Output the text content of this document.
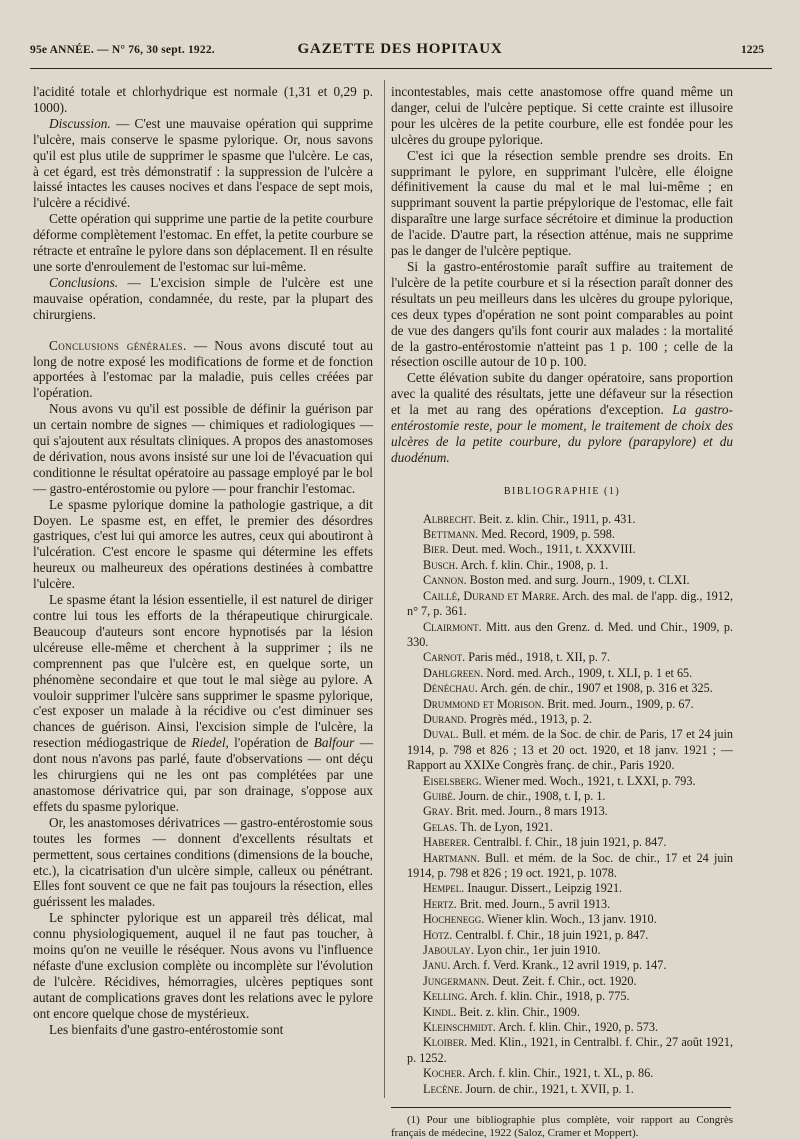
95e ANNÉE. — N° 76, 30 sept. 1922.	GAZETTE DES HOPITAUX	1225

l'acidité totale et chlorhydrique est normale (1,31 et 0,29 p. 1000).

Discussion. — C'est une mauvaise opération qui supprime l'ulcère, mais conserve le spasme pylorique. Or, nous savons qu'il est plus utile de supprimer le spasme que l'ulcère. Le cas, à cet égard, est très démonstratif : la suppression de l'ulcère a laissé intactes les causes nocives et dans l'espace de sept mois, l'ulcère a récidivé.

Cette opération qui supprime une partie de la petite courbure déforme complètement l'estomac. En effet, la petite courbure se rétracte et entraîne le pylore dans son déplacement. Il en résulte une sorte d'enroulement de l'estomac sur lui-même.

Conclusions. — L'excision simple de l'ulcère est une mauvaise opération, condamnée, du reste, par la plupart des chirurgiens.

Conclusions générales. — Nous avons discuté tout au long de notre exposé les modifications de forme et de fonction apportées à l'estomac par la maladie, puis celles créées par l'opération.

Nous avons vu qu'il est possible de définir la guérison par un certain nombre de signes — chimiques et radiologiques — qui s'ajoutent aux résultats cliniques. A propos des anastomoses de dérivation, nous avons insisté sur une loi de l'évacuation qui conditionne le résultat opératoire au passage employé par le bol — gastro-entérostomie ou pylore — pour franchir l'estomac.

Le spasme pylorique domine la pathologie gastrique, a dit Doyen. Le spasme est, en effet, le premier des désordres gastriques, c'est lui qui amorce les autres, ceux qui aboutiront à l'ulcération. C'est encore le spasme qui détermine les effets heureux ou malheureux des opérations destinées à combattre l'ulcère.

Le spasme étant la lésion essentielle, il est naturel de diriger contre lui tous les efforts de la thérapeutique chirurgicale. Beaucoup d'auteurs sont encore hypnotisés par la lésion ulcéreuse elle-même et cherchent à la supprimer ; ils ne comprennent pas que l'ulcère est, en quelque sorte, un phénomène secondaire et que tout le mal siège au pylore. A vouloir supprimer l'ulcère sans supprimer le spasme pylorique, c'est exposer un malade à la récidive ou c'est diminuer ses chances de guérison. Ainsi, l'excision simple de l'ulcère, la resection médiogastrique de Riedel, l'opération de Balfour — dont nous n'avons pas parlé, faute d'observations — ont déçu les chirurgiens qui ne les ont pas complétées par une anastomose dérivatrice qui, par son drainage, s'oppose aux effets du spasme pylorique.

Or, les anastomoses dérivatrices — gastro-entérostomie sous toutes les formes — donnent d'excellents résultats et permettent, sous certaines conditions (dimensions de la bouche, etc.), la cicatrisation d'un ulcère simple, calleux ou pénétrant. Elles font souvent ce que ne fait pas toujours la résection, elles guérissent les malades.

Le sphincter pylorique est un appareil très délicat, mal connu physiologiquement, auquel il ne faut pas toucher, à moins qu'on ne veuille le réséquer. Nous avons vu l'influence néfaste d'une exclusion complète ou incomplète sur l'évolution de l'ulcère. Récidives, hémorragies, ulcères peptiques sont autant de complications graves dont les relations avec le pylore ont encore quelque chose de mystérieux.

Les bienfaits d'une gastro-entérostomie sont

incontestables, mais cette anastomose offre quand même un danger, celui de l'ulcère peptique. Si cette crainte est illusoire pour les ulcères de la petite courbure, elle est fondée pour les ulcères du groupe pylorique.

C'est ici que la résection semble prendre ses droits. En supprimant le pylore, en supprimant l'ulcère, elle éloigne définitivement la cause du mal et le mal lui-même ; en supprimant souvent la partie prépylorique de l'estomac, elle fait disparaître une large surface sécrétoire et diminue la production de l'acide. D'autre part, la résection atténue, mais ne supprime pas le danger de l'ulcère peptique.

Si la gastro-entérostomie paraît suffire au traitement de l'ulcère de la petite courbure et si la résection paraît donner des résultats un peu meilleurs dans les ulcères du groupe pylorique, ces deux types d'opération ne sont point comparables au point de vue des dangers qu'ils font courir aux malades : la mortalité de la gastro-entérostomie n'atteint pas 1 p. 100 ; celle de la résection oscille autour de 10 p. 100.

Cette élévation subite du danger opératoire, sans proportion avec la qualité des résultats, jette une défaveur sur la résection et la met au rang des opérations d'exception. La gastro-entérostomie reste, pour le moment, le traitement de choix des ulcères de la petite courbure, du pylore (parapylore) et du duodénum.

BIBLIOGRAPHIE (1)

Albrecht. Beit. z. klin. Chir., 1911, p. 431.

Bettmann. Med. Record, 1909, p. 598.

Bier. Deut. med. Woch., 1911, t. XXXVIII.

Busch. Arch. f. klin. Chir., 1908, p. 1.

Cannon. Boston med. and surg. Journ., 1909, t. CLXI.

Caillé, Durand et Marre. Arch. des mal. de l'app. dig., 1912, n° 7, p. 361.

Clairmont. Mitt. aus den Grenz. d. Med. und Chir., 1909, p. 330.

Carnot. Paris méd., 1918, t. XII, p. 7.

Dahlgreen. Nord. med. Arch., 1909, t. XLI, p. 1 et 65.

Dénéchau. Arch. gén. de chir., 1907 et 1908, p. 316 et 325.

Drummond et Morison. Brit. med. Journ., 1909, p. 67.

Durand. Progrès méd., 1913, p. 2.

Duval. Bull. et mém. de la Soc. de chir. de Paris, 17 et 24 juin 1914, p. 798 et 826 ; 13 et 20 oct. 1920, et 18 janv. 1921 ; — Rapport au XXIXe Congrès franç. de chir., Paris 1920.

Eiselsberg. Wiener med. Woch., 1921, t. LXXI, p. 793.

Guibé. Journ. de chir., 1908, t. I, p. 1.

Gray. Brit. med. Journ., 8 mars 1913.

Gelas. Th. de Lyon, 1921.

Haberer. Centralbl. f. Chir., 18 juin 1921, p. 847.

Hartmann. Bull. et mém. de la Soc. de chir., 17 et 24 juin 1914, p. 798 et 826 ; 19 oct. 1921, p. 1078.

Hempel. Inaugur. Dissert., Leipzig 1921.

Hertz. Brit. med. Journ., 5 avril 1913.

Hochenegg. Wiener klin. Woch., 13 janv. 1910.

Hotz. Centralbl. f. Chir., 18 juin 1921, p. 847.

Jaboulay. Lyon chir., 1er juin 1910.

Janu. Arch. f. Verd. Krank., 12 avril 1919, p. 147.

Jungermann. Deut. Zeit. f. Chir., oct. 1920.

Kelling. Arch. f. klin. Chir., 1918, p. 775.

Kindl. Beit. z. klin. Chir., 1909.

Kleinschmidt. Arch. f. klin. Chir., 1920, p. 573.

Kloiber. Med. Klin., 1921, in Centralbl. f. Chir., 27 août 1921, p. 1252.

Kocher. Arch. f. klin. Chir., 1921, t. XL, p. 86.

Lecène. Journ. de chir., 1921, t. XVII, p. 1.

(1) Pour une bibliographie plus complète, voir rapport au Congrès français de médecine, 1922 (Saloz, Cramer et Moppert).
